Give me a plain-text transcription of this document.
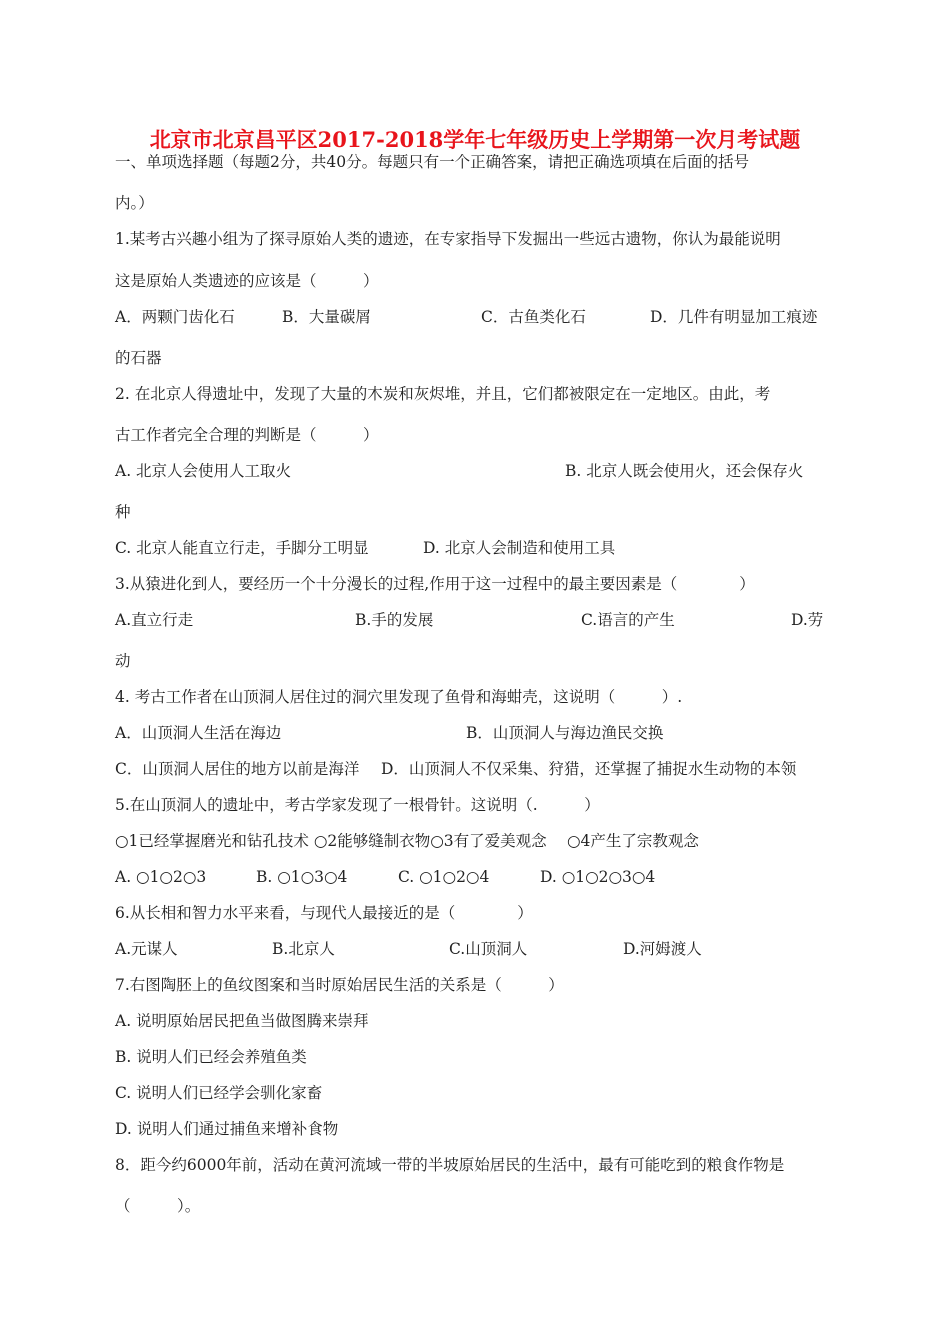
北京市北京昌平区2017-2018学年七年级历史上学期第一次月考试题
一、单项选择题（每题2分，共40分。每题只有一个正确答案，请把正确选项填在后面的括号
内。）
1.某考古兴趣小组为了探寻原始人类的遗迹，在专家指导下发掘出一些远古遗物，你认为最能说明
这是原始人类遗迹的应该是（　　　）
A．两颗门齿化石	B．大量碳屑	C．古鱼类化石	D．几件有明显加工痕迹
的石器
2. 在北京人得遗址中，发现了大量的木炭和灰烬堆，并且，它们都被限定在一定地区。由此，考
古工作者完全合理的判断是（　　　）
A. 北京人会使用人工取火	B. 北京人既会使用火，还会保存火
种
C. 北京人能直立行走，手脚分工明显	D. 北京人会制造和使用工具
3.从猿进化到人，要经历一个十分漫长的过程,作用于这一过程中的最主要因素是（　　　　）
A.直立行走	B.手的发展	C.语言的产生	D.劳
动
4. 考古工作者在山顶洞人居住过的洞穴里发现了鱼骨和海蚶壳，这说明（　　　）.
A．山顶洞人生活在海边	B．山顶洞人与海边渔民交换
C．山顶洞人居住的地方以前是海洋 D．山顶洞人不仅采集、狩猎，还掌握了捕捉水生动物的本领
5.在山顶洞人的遗址中，考古学家发现了一根骨针。这说明（.　　　）
○1已经掌握磨光和钻孔技术 ○2能够缝制衣物○3有了爱美观念　 ○4产生了宗教观念
A. ○1○2○3	B. ○1○3○4	C. ○1○2○4	D. ○1○2○3○4
6.从长相和智力水平来看，与现代人最接近的是（　　　　）
A.元谋人	B.北京人	C.山顶洞人	D.河姆渡人
7.右图陶胚上的鱼纹图案和当时原始居民生活的关系是（　　　）
A. 说明原始居民把鱼当做图腾来崇拜
B. 说明人们已经会养殖鱼类
C. 说明人们已经学会驯化家畜
D. 说明人们通过捕鱼来增补食物
8．距今约6000年前，活动在黄河流域一带的半坡原始居民的生活中，最有可能吃到的粮食作物是
（　　　）。
